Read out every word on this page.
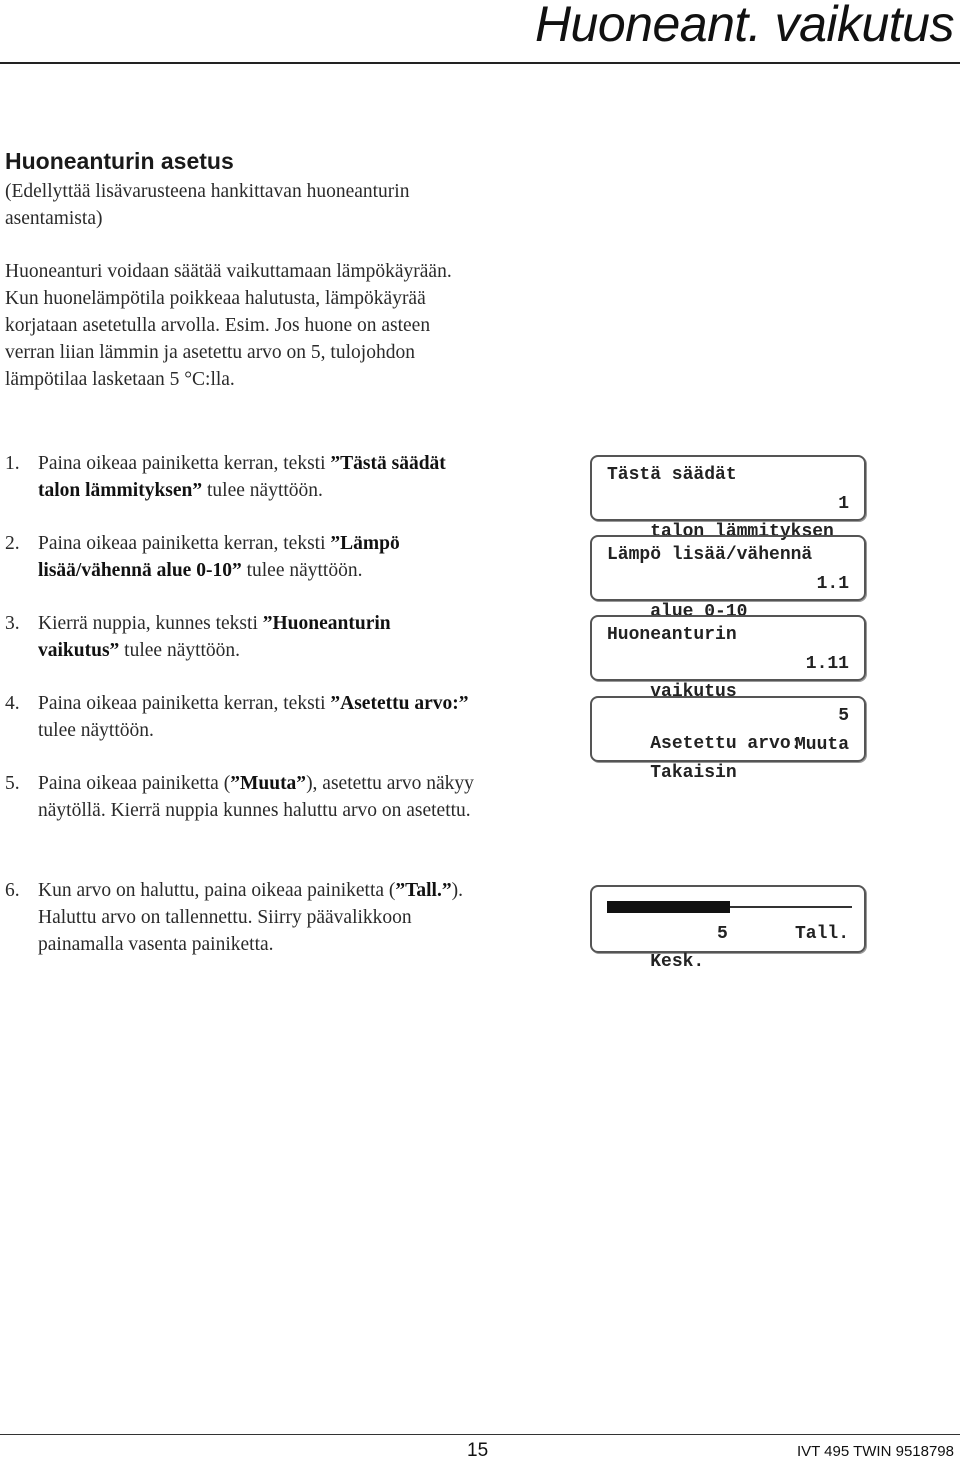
Huoneant. vaikutus
Huoneanturin asetus
(Edellyttää lisävarusteena hankittavan huoneanturin asentamista)
Huoneanturi voidaan säätää vaikuttamaan lämpökäyrään. Kun huonelämpötila poikkeaa halutusta, lämpökäyrää korjataan asetetulla arvolla. Esim. Jos huone on asteen verran liian lämmin ja asetettu arvo on 5, tulojohdon lämpötilaa lasketaan 5 °C:lla.
1. Paina oikeaa painiketta kerran, teksti ”Tästä säädät talon lämmityksen” tulee näyttöön.
2. Paina oikeaa painiketta kerran, teksti ”Lämpö lisää/vähennä alue 0-10” tulee näyttöön.
3. Kierrä nuppia, kunnes teksti ”Huoneanturin vaikutus” tulee näyttöön.
4. Paina oikeaa painiketta kerran, teksti ”Asetettu arvo:” tulee näyttöön.
5. Paina oikeaa painiketta (”Muuta”), asetettu arvo näkyy näytöllä. Kierrä nuppia kunnes haluttu arvo on asetettu.
6. Kun arvo on haluttu, paina oikeaa painiketta (”Tall.”). Haluttu arvo on tallennettu. Siirry päävalikkoon painamalla vasenta painiketta.
Tästä säädät

talon lämmityksen

1

Lämpö lisää/vähennä

alue 0-10

1.1

Huoneanturin

vaikutus

1.11

Asetettu arvo:

5

Takaisin

Muuta

Kesk.

5

	Tall.

15	IVT 495 TWIN 9518798
